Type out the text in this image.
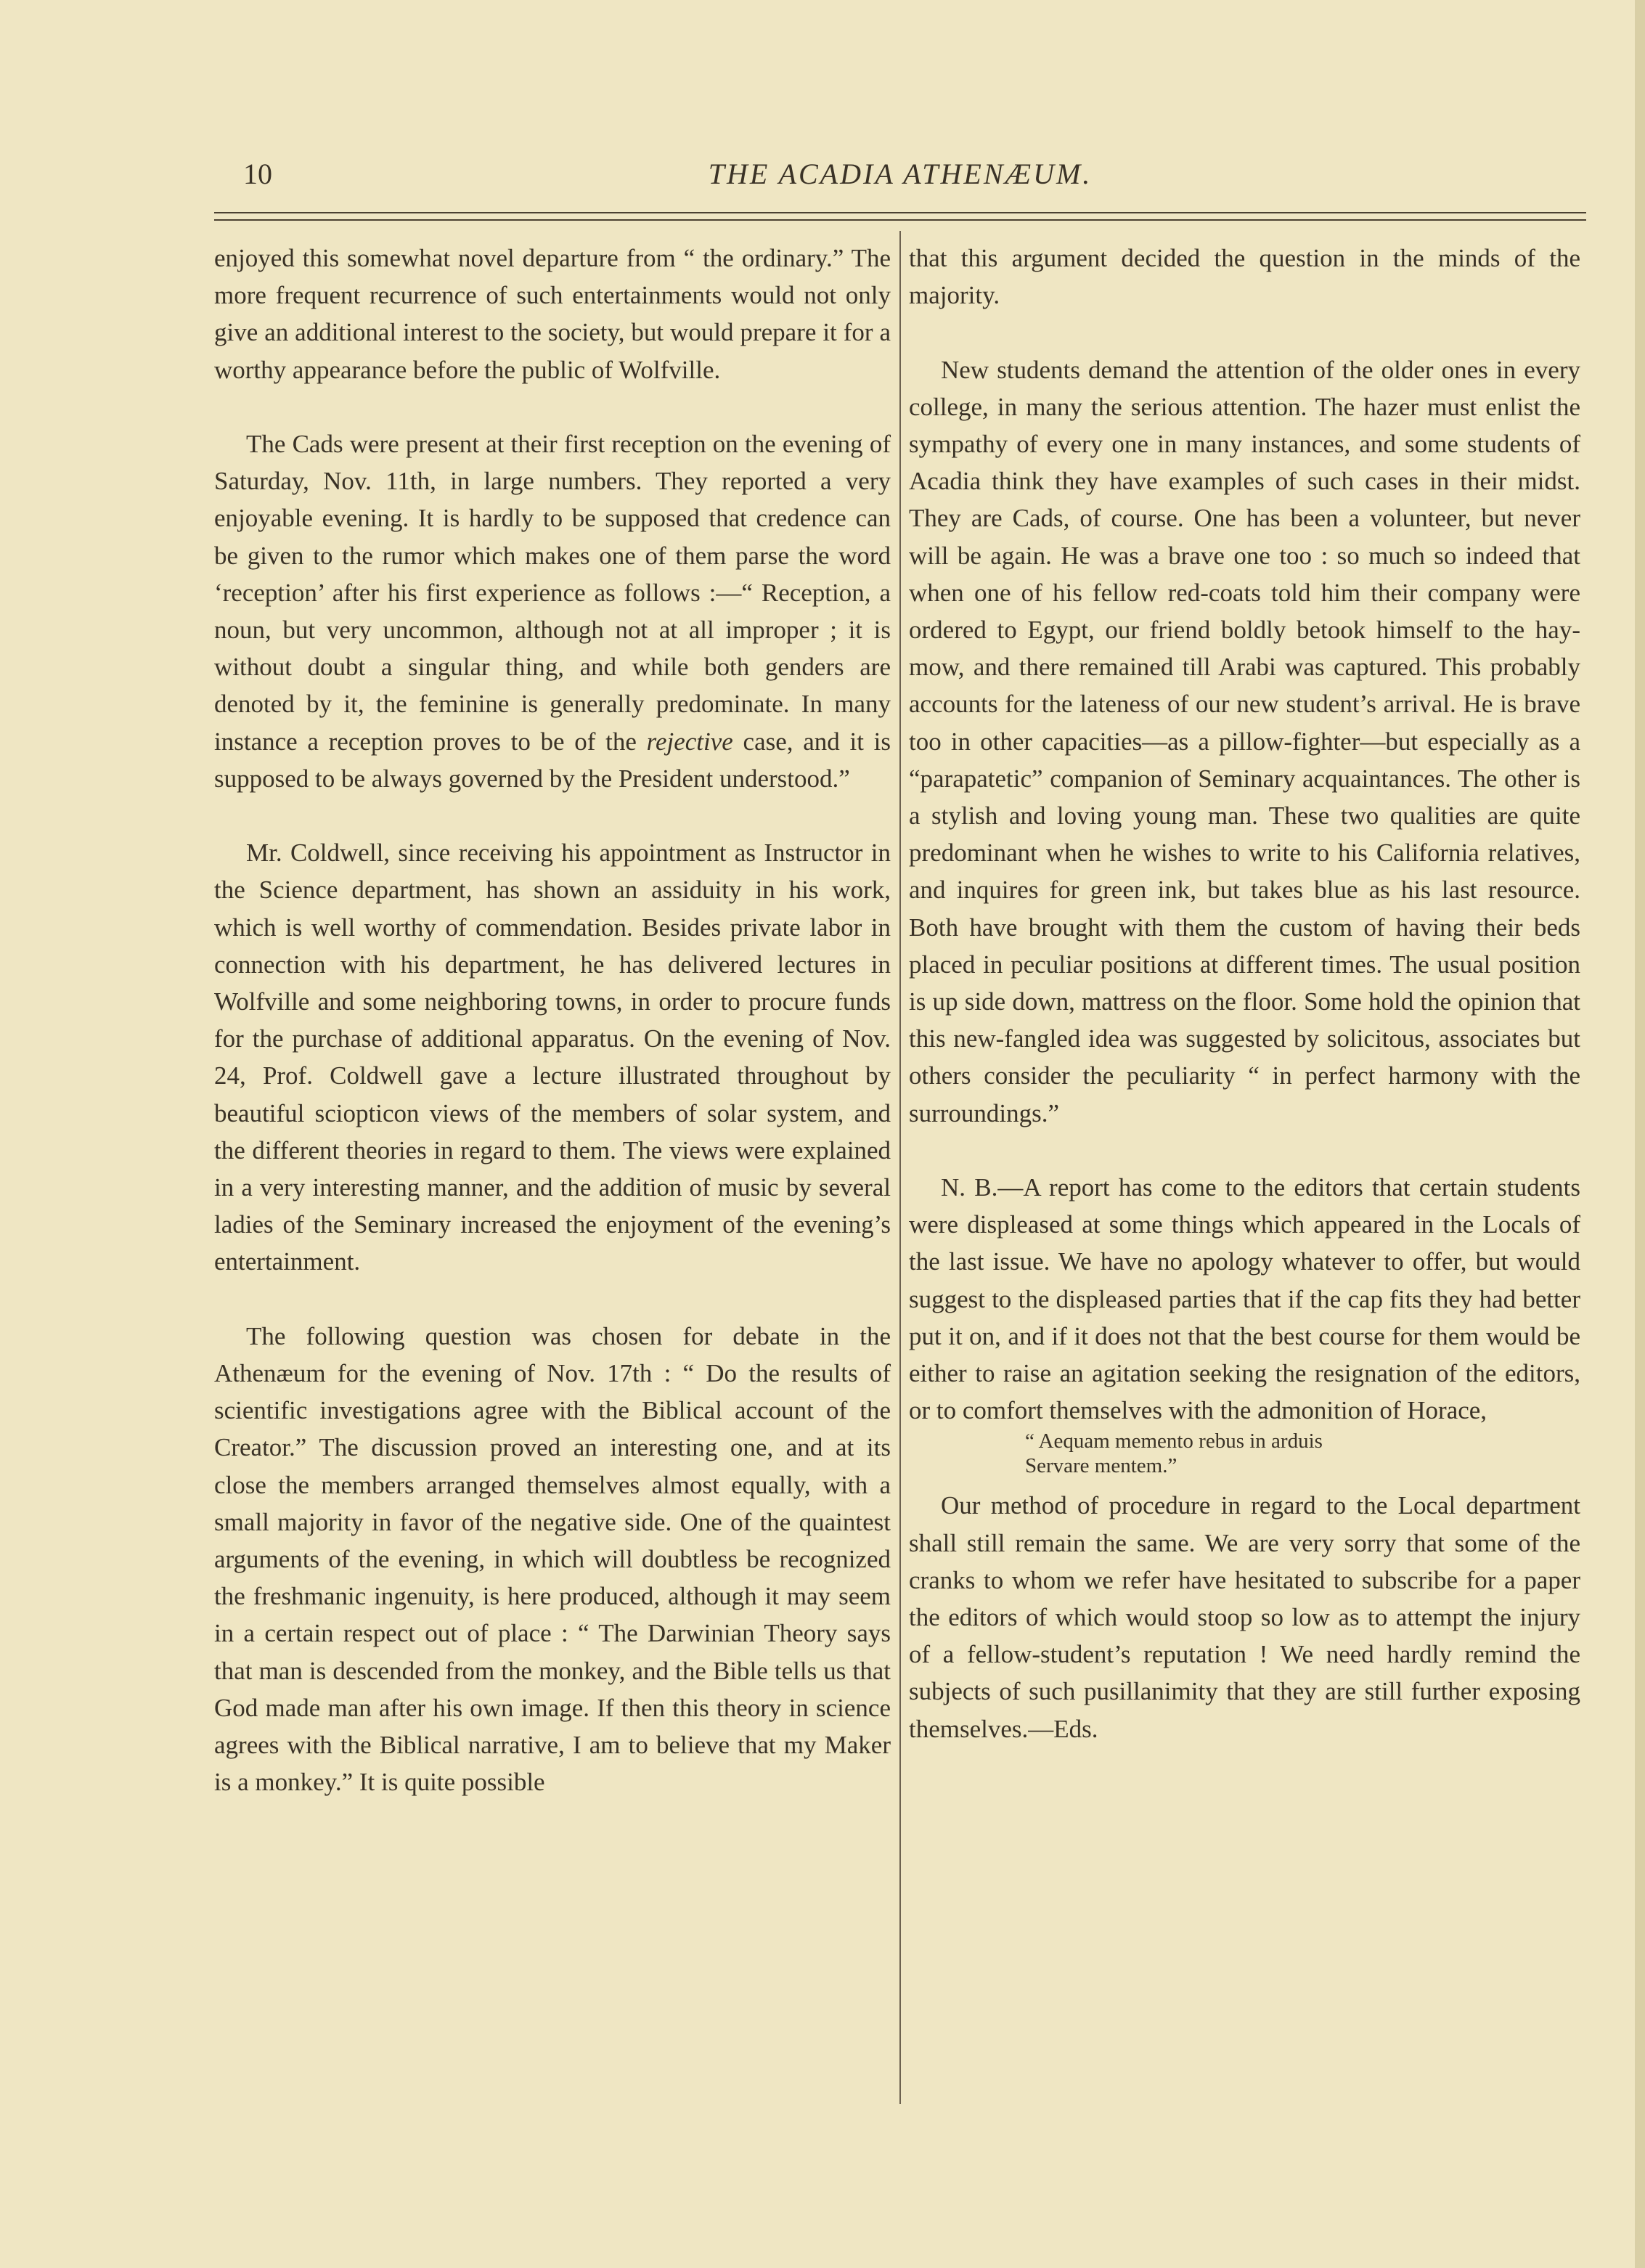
10	THE ACADIA ATHENÆUM.

enjoyed this somewhat novel departure from “ the ordinary.” The more frequent recurrence of such entertainments would not only give an additional interest to the society, but would prepare it for a worthy appearance before the public of Wolfville.

The Cads were present at their first reception on the evening of Saturday, Nov. 11th, in large numbers. They reported a very enjoyable evening. It is hardly to be supposed that credence can be given to the rumor which makes one of them parse the word ‘reception’ after his first experience as follows :—“ Reception, a noun, but very uncommon, although not at all improper ; it is without doubt a singular thing, and while both genders are denoted by it, the feminine is generally predominate. In many instance a reception proves to be of the rejective case, and it is supposed to be always governed by the President understood.”

Mr. Coldwell, since receiving his appointment as Instructor in the Science department, has shown an assiduity in his work, which is well worthy of commendation. Besides private labor in connection with his department, he has delivered lectures in Wolfville and some neighboring towns, in order to procure funds for the purchase of additional apparatus. On the evening of Nov. 24, Prof. Coldwell gave a lecture illustrated throughout by beautiful sciopticon views of the members of solar system, and the different theories in regard to them. The views were explained in a very interesting manner, and the addition of music by several ladies of the Seminary increased the enjoyment of the evening’s entertainment.

The following question was chosen for debate in the Athenæum for the evening of Nov. 17th : “ Do the results of scientific investigations agree with the Biblical account of the Creator.” The discussion proved an interesting one, and at its close the members arranged themselves almost equally, with a small majority in favor of the negative side. One of the quaintest arguments of the evening, in which will doubtless be recognized the freshmanic ingenuity, is here produced, although it may seem in a certain respect out of place : “ The Darwinian Theory says that man is descended from the monkey, and the Bible tells us that God made man after his own image. If then this theory in science agrees with the Biblical narrative, I am to believe that my Maker is a monkey.” It is quite possible

that this argument decided the question in the minds of the majority.

New students demand the attention of the older ones in every college, in many the serious attention. The hazer must enlist the sympathy of every one in many instances, and some students of Acadia think they have examples of such cases in their midst. They are Cads, of course. One has been a volunteer, but never will be again. He was a brave one too : so much so indeed that when one of his fellow red-coats told him their company were ordered to Egypt, our friend boldly betook himself to the hay-mow, and there remained till Arabi was captured. This probably accounts for the lateness of our new student’s arrival. He is brave too in other capacities—as a pillow-fighter—but especially as a “parapatetic” companion of Seminary acquaintances. The other is a stylish and loving young man. These two qualities are quite predominant when he wishes to write to his California relatives, and inquires for green ink, but takes blue as his last resource. Both have brought with them the custom of having their beds placed in peculiar positions at different times. The usual position is up side down, mattress on the floor. Some hold the opinion that this new-fangled idea was suggested by solicitous, associates but others consider the peculiarity “ in perfect harmony with the surroundings.”

N. B.—A report has come to the editors that certain students were displeased at some things which appeared in the Locals of the last issue. We have no apology whatever to offer, but would suggest to the displeased parties that if the cap fits they had better put it on, and if it does not that the best course for them would be either to raise an agitation seeking the resignation of the editors, or to comfort themselves with the admonition of Horace,

“ Aequam memento rebus in arduis

Servare mentem.”

Our method of procedure in regard to the Local department shall still remain the same. We are very sorry that some of the cranks to whom we refer have hesitated to subscribe for a paper the editors of which would stoop so low as to attempt the injury of a fellow-student’s reputation ! We need hardly remind the subjects of such pusillanimity that they are still further exposing themselves.—Eds.
